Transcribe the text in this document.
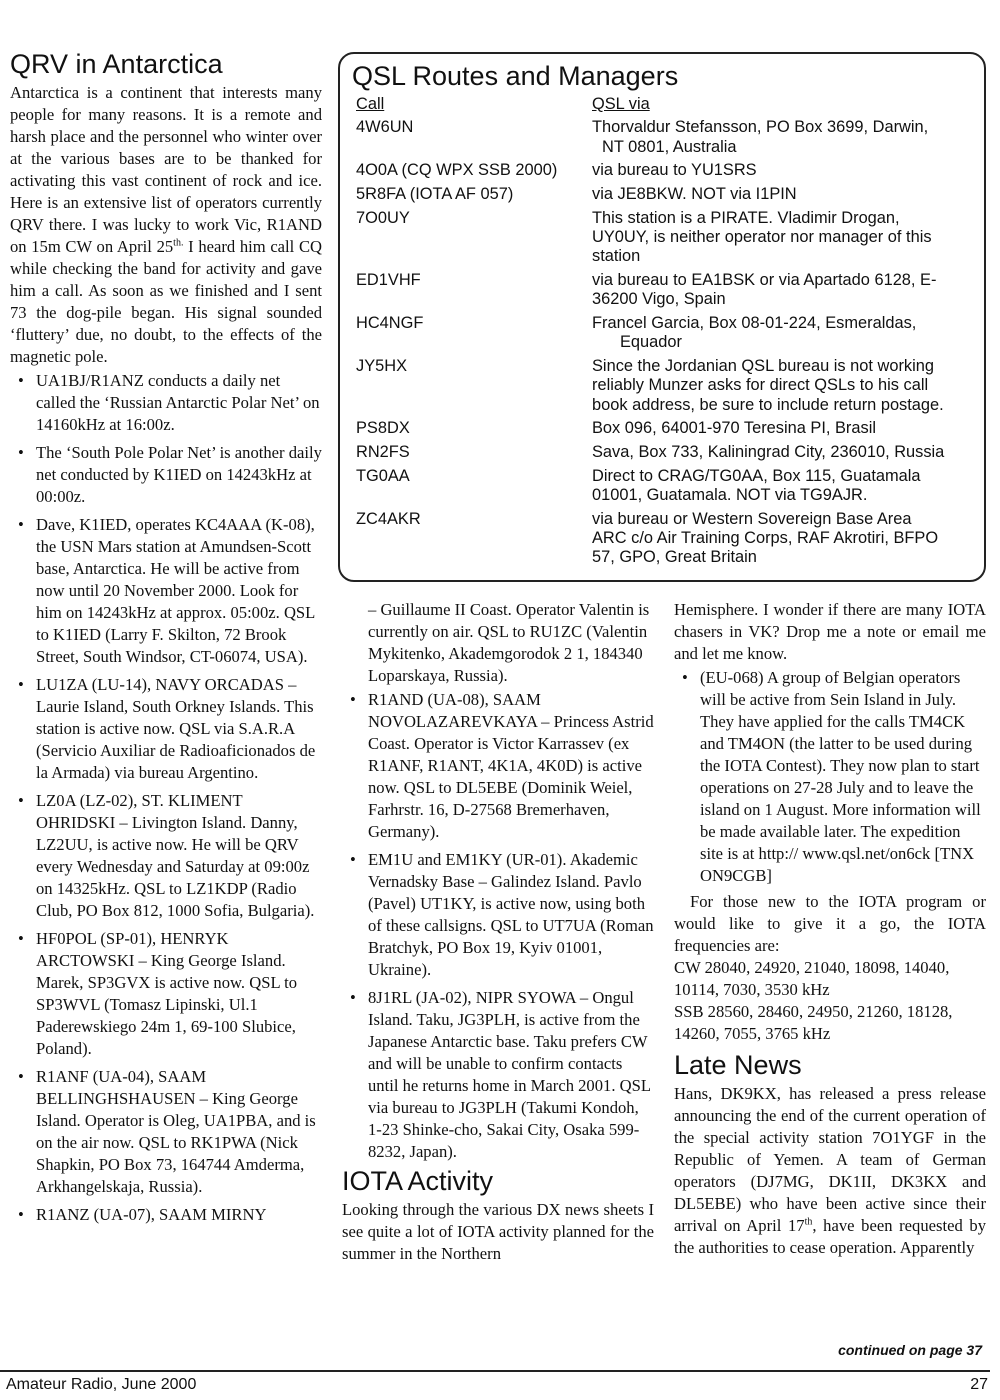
QRV in Antarctica

Antarctica is a continent that interests many people for many reasons. It is a remote and harsh place and the personnel who winter over at the various bases are to be thanked for activating this vast continent of rock and ice. Here is an extensive list of operators currently QRV there. I was lucky to work Vic, R1AND on 15m CW on April $25^{th.}$ I heard him call CQ while checking the band for activity and gave him a call. As soon as we finished and I sent 73 the dog-pile began. His signal sounded ‘fluttery’ due, no doubt, to the effects of the magnetic pole.

• UA1BJ/R1ANZ conducts a daily net called the ‘Russian Antarctic Polar Net’ on 14160kHz at 16:00z.
• The ‘South Pole Polar Net’ is another daily net conducted by K1IED on 14243kHz at 00:00z.
• Dave, K1IED, operates KC4AAA (K-08), the USN Mars station at Amundsen-Scott base, Antarctica. He will be active from now until 20 November 2000. Look for him on 14243kHz at approx. 05:00z. QSL to K1IED (Larry F. Skilton, 72 Brook Street, South Windsor, CT-06074, USA).
• LU1ZA (LU-14), NAVY ORCADAS – Laurie Island, South Orkney Islands. This station is active now. QSL via S.A.R.A (Servicio Auxiliar de Radioaficionados de la Armada) via bureau Argentino.
• LZ0A (LZ-02), ST. KLIMENT OHRIDSKI – Livington Island. Danny, LZ2UU, is active now. He will be QRV every Wednesday and Saturday at 09:00z on 14325kHz. QSL to LZ1KDP (Radio Club, PO Box 812, 1000 Sofia, Bulgaria).
• HF0POL (SP-01), HENRYK ARCTOWSKI – King George Island. Marek, SP3GVX is active now. QSL to SP3WVL (Tomasz Lipinski, Ul.1 Paderewskiego 24m 1, 69-100 Slubice, Poland).
• R1ANF (UA-04), SAAM BELLINGHSHAUSEN – King George Island. Operator is Oleg, UA1PBA, and is on the air now. QSL to RK1PWA (Nick Shapkin, PO Box 73, 164744 Amderma, Arkhangelskaja, Russia).
• R1ANZ (UA-07), SAAM MIRNY
QSL Routes and Managers
Call	QSL via
4W6UN	Thorvaldur Stefansson, PO Box 3699, Darwin,
NT 0801, Australia
4O0A (CQ WPX SSB 2000)	via bureau to YU1SRS
5R8FA (IOTA AF 057)	via JE8BKW. NOT via I1PIN
7O0UY	This station is a PIRATE. Vladimir Drogan,
UY0UY, is neither operator nor manager of this
station
ED1VHF	via bureau to EA1BSK or via Apartado 6128, E-
36200 Vigo, Spain
HC4NGF	Francel Garcia, Box 08-01-224, Esmeraldas,
Equador
JY5HX	Since the Jordanian QSL bureau is not working
reliably Munzer asks for direct QSLs to his call
book address, be sure to include return postage.
PS8DX	Box 096, 64001-970 Teresina PI, Brasil
RN2FS	Sava, Box 733, Kaliningrad City, 236010, Russia
TG0AA	Direct to CRAG/TG0AA, Box 115, Guatamala
01001, Guatamala. NOT via TG9AJR.
ZC4AKR	via bureau or Western Sovereign Base Area
ARC c/o Air Training Corps, RAF Akrotiri, BFPO
57, GPO, Great Britain

– Guillaume II Coast. Operator Valentin is currently on air. QSL to RU1ZC (Valentin Mykitenko, Akademgorodok 2 1, 184340 Loparskaya, Russia).

• R1AND (UA-08), SAAM NOVOLAZAREVKAYA – Princess Astrid Coast. Operator is Victor Karrassev (ex R1ANF, R1ANT, 4K1A, 4K0D) is active now. QSL to DL5EBE (Dominik Weiel, Farhrstr. 16, D-27568 Bremerhaven, Germany).
• EM1U and EM1KY (UR-01). Akademic Vernadsky Base – Galindez Island. Pavlo (Pavel) UT1KY, is active now, using both of these callsigns. QSL to UT7UA (Roman Bratchyk, PO Box 19, Kyiv 01001, Ukraine).
• 8J1RL (JA-02), NIPR SYOWA – Ongul Island. Taku, JG3PLH, is active from the Japanese Antarctic base. Taku prefers CW and will be unable to confirm contacts until he returns home in March 2001. QSL via bureau to JG3PLH (Takumi Kondoh, 1-23 Shinke-cho, Sakai City, Osaka 599-8232, Japan).
IOTA Activity

Looking through the various DX news sheets I see quite a lot of IOTA activity planned for the summer in the Northern

Hemisphere. I wonder if there are many IOTA chasers in VK? Drop me a note or email me and let me know.

• (EU-068) A group of Belgian operators will be active from Sein Island in July. They have applied for the calls TM4CK and TM4ON (the latter to be used during the IOTA Contest). They now plan to start operations on 27-28 July and to leave the island on 1 August. More information will be made available later. The expedition site is at http:// www.qsl.net/on6ck [TNX ON9CGB]

For those new to the IOTA program or would like to give it a go, the IOTA frequencies are:

CW 28040, 24920, 21040, 18098, 14040, 10114, 7030, 3530 kHz

SSB 28560, 28460, 24950, 21260, 18128, 14260, 7055, 3765 kHz

Late News

Hans, DK9KX, has released a press release announcing the end of the current operation of the special activity station 7O1YGF in the Republic of Yemen. A team of German operators (DJ7MG, DK1II, DK3KX and DL5EBE) who have been active since their arrival on April 17th, have been requested by the authorities to cease operation. Apparently

continued on page 37
Amateur Radio, June 2000	27
